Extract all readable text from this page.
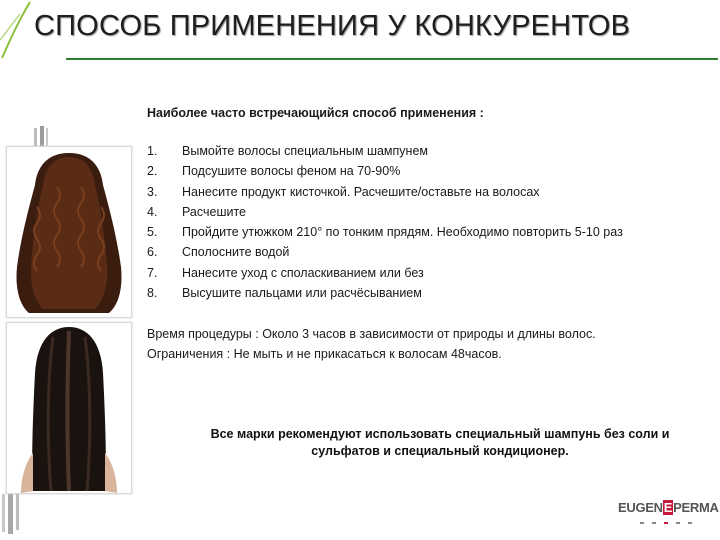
СПОСОБ ПРИМЕНЕНИЯ У КОНКУРЕНТОВ
Наиболее часто встречающийся способ применения :
1.	Вымойте волосы специальным шампунем
2.	Подсушите волосы феном на 70-90%
3.	Нанесите продукт кисточкой. Расчешите/оставьте на волосах
4.	Расчешите
5.	Пройдите утюжком 210° по тонким прядям. Необходимо повторить 5-10 раз
6.	Сполосните водой
7.	Нанесите уход с споласкиванием или без
8.	Высушите пальцами или расчёсыванием
Время процедуры : Около 3 часов в зависимости от природы и длины волос.
Ограничения : Не мыть и не прикасаться к волосам 48часов.
Все марки рекомендуют использовать специальный шампунь без соли и
сульфатов и специальный кондиционер.
EUGENEPERMA
